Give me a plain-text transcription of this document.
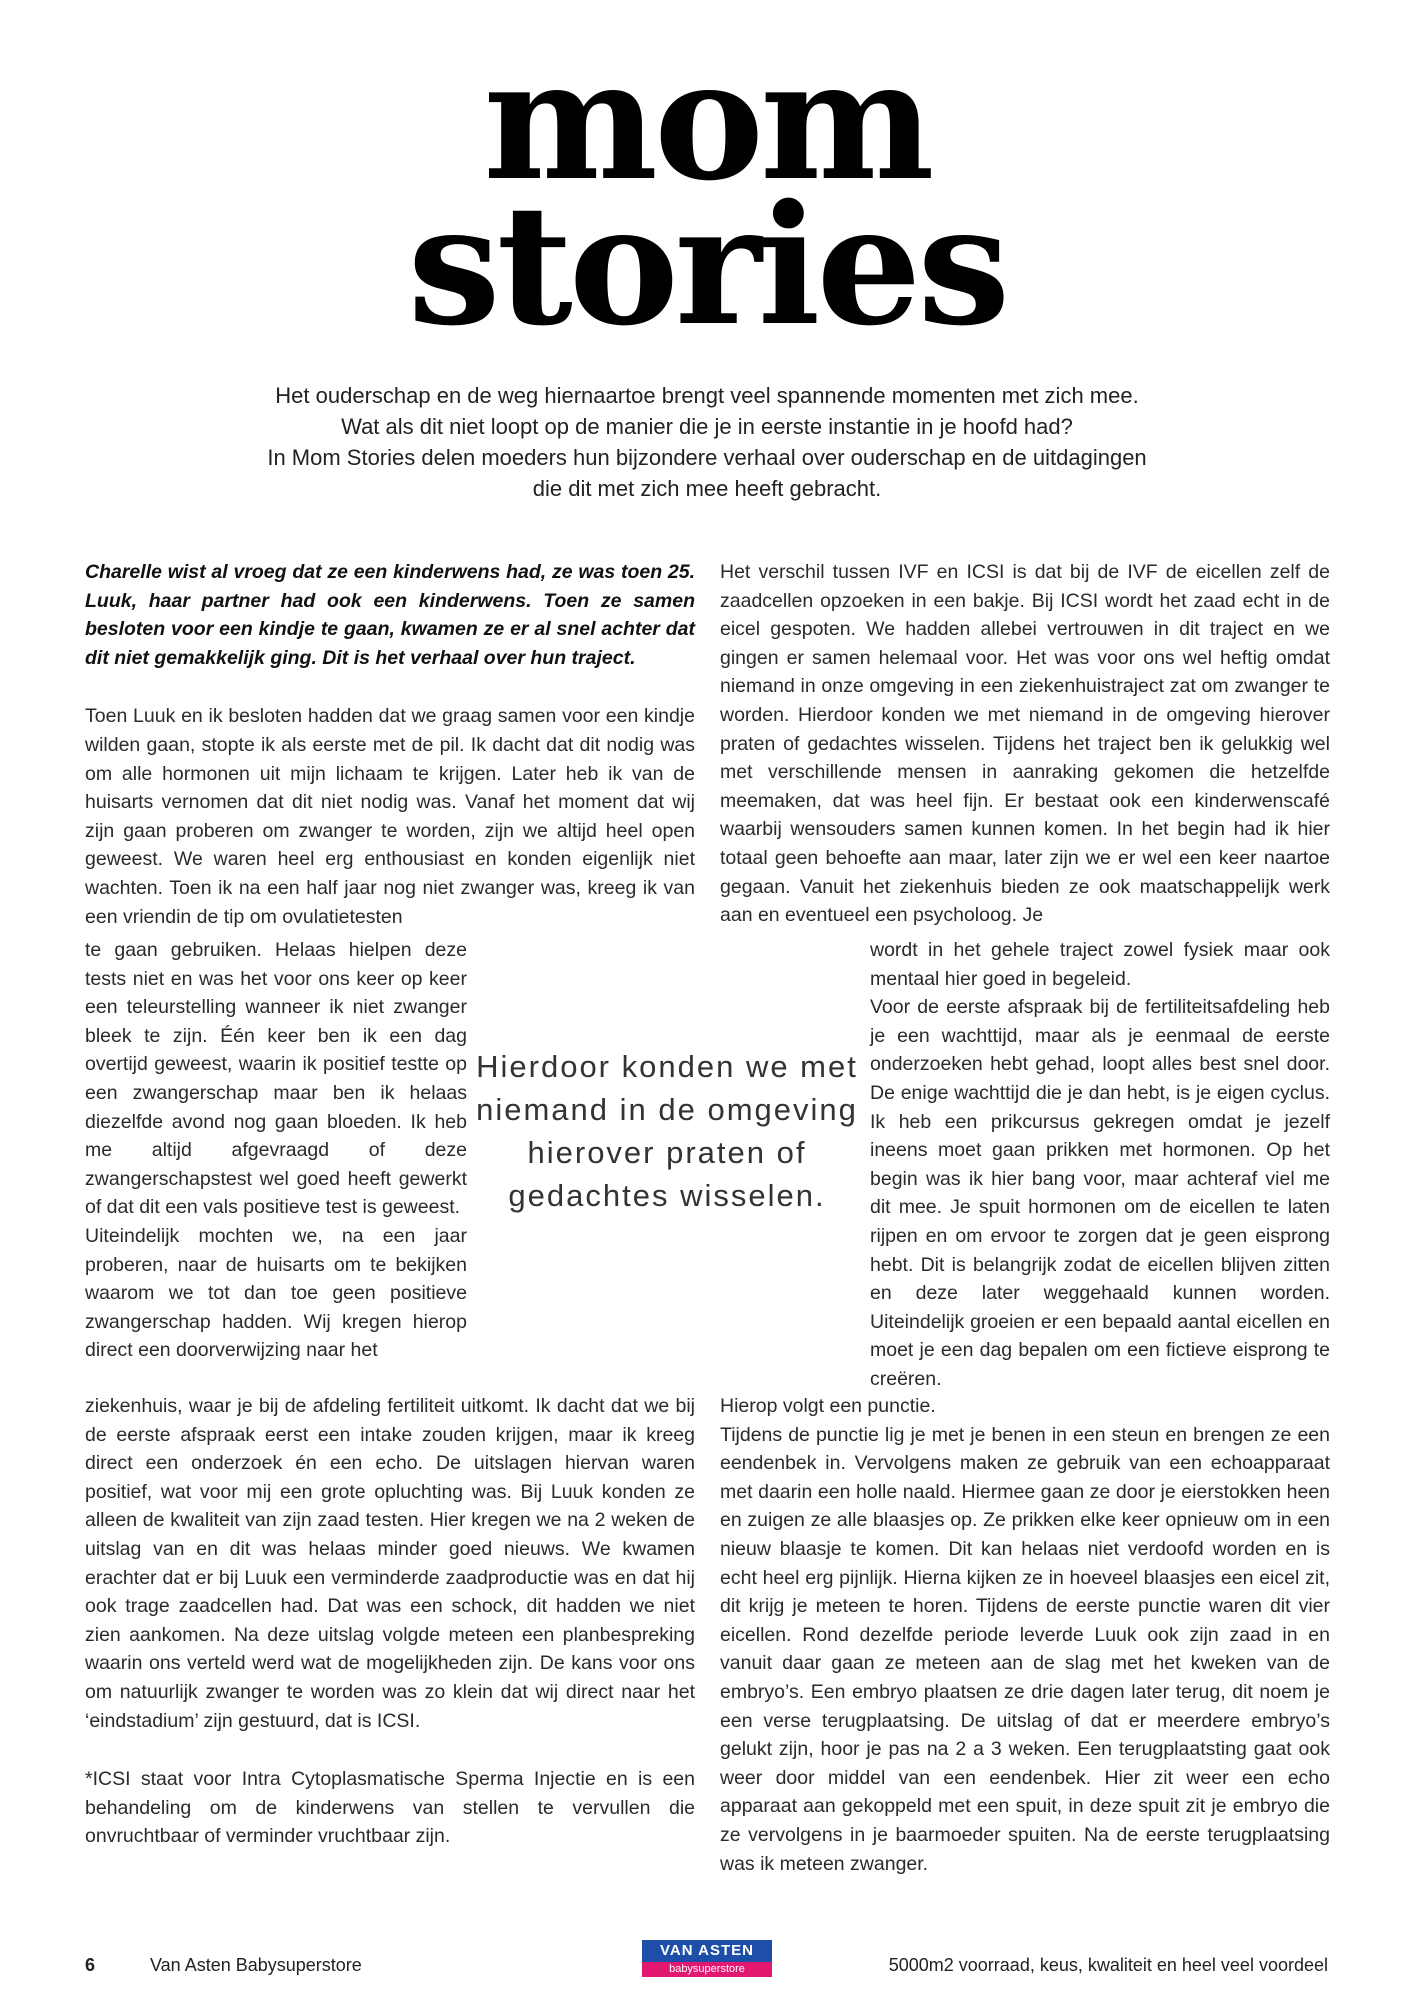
mom
stories

Het ouderschap en de weg hiernaartoe brengt veel spannende momenten met zich mee.

Wat als dit niet loopt op de manier die je in eerste instantie in je hoofd had?

In Mom Stories delen moeders hun bijzondere verhaal over ouderschap en de uitdagingen

die dit met zich mee heeft gebracht.

Charelle wist al vroeg dat ze een kinderwens had, ze was toen 25. Luuk, haar partner had ook een kinderwens. Toen ze samen besloten voor een kindje te gaan, kwamen ze er al snel achter dat dit niet gemakkelijk ging. Dit is het verhaal over hun traject.

Toen Luuk en ik besloten hadden dat we graag samen voor een kindje wilden gaan, stopte ik als eerste met de pil. Ik dacht dat dit nodig was om alle hormonen uit mijn lichaam te krijgen. Later heb ik van de huisarts vernomen dat dit niet nodig was. Vanaf het moment dat wij zijn gaan proberen om zwanger te worden, zijn we altijd heel open geweest. We waren heel erg enthousiast en konden eigenlijk niet wachten. Toen ik na een half jaar nog niet zwanger was, kreeg ik van een vriendin de tip om ovulatietesten

te gaan gebruiken. Helaas hielpen deze tests niet en was het voor ons keer op keer een teleurstelling wanneer ik niet zwanger bleek te zijn. Één keer ben ik een dag overtijd geweest, waarin ik positief testte op een zwangerschap maar ben ik helaas diezelfde avond nog gaan bloeden. Ik heb me altijd afgevraagd of deze zwangerschapstest wel goed heeft gewerkt of dat dit een vals positieve test is geweest.

Uiteindelijk mochten we, na een jaar proberen, naar de huisarts om te bekijken waarom we tot dan toe geen positieve zwangerschap hadden. Wij kregen hierop direct een doorverwijzing naar het

ziekenhuis, waar je bij de afdeling fertiliteit uitkomt. Ik dacht dat we bij de eerste afspraak eerst een intake zouden krijgen, maar ik kreeg direct een onderzoek én een echo. De uitslagen hiervan waren positief, wat voor mij een grote opluchting was. Bij Luuk konden ze alleen de kwaliteit van zijn zaad testen. Hier kregen we na 2 weken de uitslag van en dit was helaas minder goed nieuws. We kwamen erachter dat er bij Luuk een verminderde zaadproductie was en dat hij ook trage zaadcellen had. Dat was een schock, dit hadden we niet zien aankomen. Na deze uitslag volgde meteen een planbespreking waarin ons verteld werd wat de mogelijkheden zijn. De kans voor ons om natuurlijk zwanger te worden was zo klein dat wij direct naar het ‘eindstadium’ zijn gestuurd, dat is ICSI.

*ICSI staat voor Intra Cytoplasmatische Sperma Injectie en is een behandeling om de kinderwens van stellen te vervullen die onvruchtbaar of verminder vruchtbaar zijn.

Het verschil tussen IVF en ICSI is dat bij de IVF de eicellen zelf de zaadcellen opzoeken in een bakje. Bij ICSI wordt het zaad echt in de eicel gespoten. We hadden allebei vertrouwen in dit traject en we gingen er samen helemaal voor. Het was voor ons wel heftig omdat niemand in onze omgeving in een ziekenhuistraject zat om zwanger te worden. Hierdoor konden we met niemand in de omgeving hierover praten of gedachtes wisselen. Tijdens het traject ben ik gelukkig wel met verschillende mensen in aanraking gekomen die hetzelfde meemaken, dat was heel fijn. Er bestaat ook een kinderwenscafé waarbij wensouders samen kunnen komen. In het begin had ik hier totaal geen behoefte aan maar, later zijn we er wel een keer naartoe gegaan. Vanuit het ziekenhuis bieden ze ook maatschappelijk werk aan en eventueel een psycholoog. Je

wordt in het gehele traject zowel fysiek maar ook mentaal hier goed in begeleid.

Voor de eerste afspraak bij de fertiliteitsafdeling heb je een wachttijd, maar als je eenmaal de eerste onderzoeken hebt gehad, loopt alles best snel door. De enige wachttijd die je dan hebt, is je eigen cyclus. Ik heb een prikcursus gekregen omdat je jezelf ineens moet gaan prikken met hormonen. Op het begin was ik hier bang voor, maar achteraf viel me dit mee. Je spuit hormonen om de eicellen te laten rijpen en om ervoor te zorgen dat je geen eisprong hebt. Dit is belangrijk zodat de eicellen blijven zitten en deze later weggehaald kunnen worden. Uiteindelijk groeien er een bepaald aantal eicellen en moet je een dag bepalen om een fictieve eisprong te creëren.

Hierop volgt een punctie.

Tijdens de punctie lig je met je benen in een steun en brengen ze een eendenbek in. Vervolgens maken ze gebruik van een echoapparaat met daarin een holle naald. Hiermee gaan ze door je eierstokken heen en zuigen ze alle blaasjes op. Ze prikken elke keer opnieuw om in een nieuw blaasje te komen. Dit kan helaas niet verdoofd worden en is echt heel erg pijnlijk. Hierna kijken ze in hoeveel blaasjes een eicel zit, dit krijg je meteen te horen. Tijdens de eerste punctie waren dit vier eicellen. Rond dezelfde periode leverde Luuk ook zijn zaad in en vanuit daar gaan ze meteen aan de slag met het kweken van de embryo’s. Een embryo plaatsen ze drie dagen later terug, dit noem je een verse terugplaatsing. De uitslag of dat er meerdere embryo’s gelukt zijn, hoor je pas na 2 a 3 weken. Een terugplaatsting gaat ook weer door middel van een eendenbek. Hier zit weer een echo apparaat aan gekoppeld met een spuit, in deze spuit zit je embryo die ze vervolgens in je baarmoeder spuiten. Na de eerste terugplaatsing was ik meteen zwanger.

Hierdoor konden we met niemand in de omgeving hierover praten of gedachtes wisselen.

6	Van Asten Babysuperstore
VAN ASTEN
babysuperstore	5000m2 voorraad, keus, kwaliteit en heel veel voordeel
